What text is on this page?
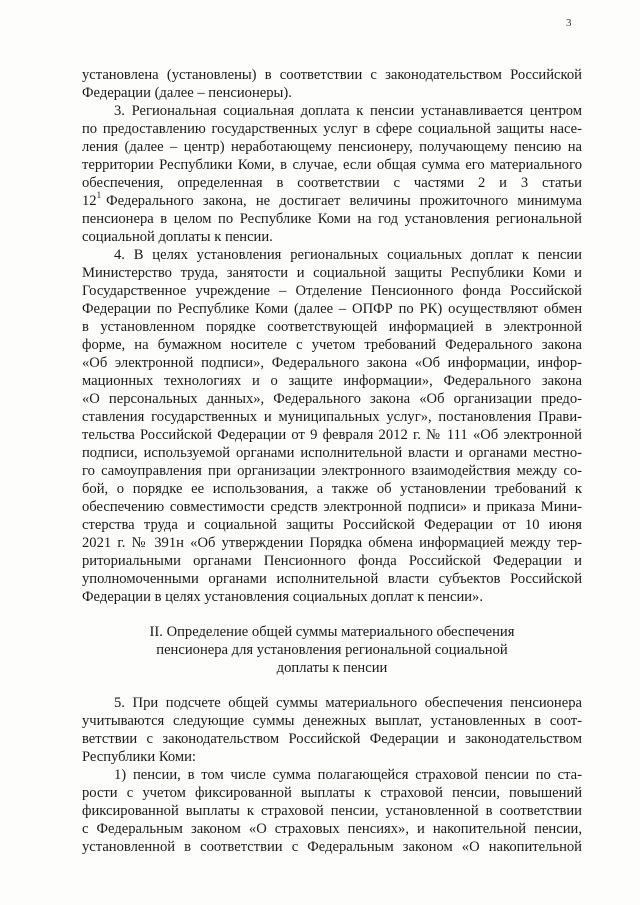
3
установлена (установлены) в соответствии с законодательством Российской
Федерации (далее – пенсионеры).
3. Региональная социальная доплата к пенсии устанавливается центром
по предоставлению государственных услуг в сфере социальной защиты насе-
ления (далее – центр) неработающему пенсионеру, получающему пенсию на
территории Республики Коми, в случае, если общая сумма его материального
обеспечения, определенная в соответствии с частями 2 и 3 статьи
$12^1$ Федерального закона, не достигает величины прожиточного минимума
пенсионера в целом по Республике Коми на год установления региональной
социальной доплаты к пенсии.
4. В целях установления региональных социальных доплат к пенсии
Министерство труда, занятости и социальной защиты Республики Коми и
Государственное учреждение – Отделение Пенсионного фонда Российской
Федерации по Республике Коми (далее – ОПФР по РК) осуществляют обмен
в установленном порядке соответствующей информацией в электронной
форме, на бумажном носителе с учетом требований Федерального закона
«Об электронной подписи», Федерального закона «Об информации, инфор-
мационных технологиях и о защите информации», Федерального закона
«О персональных данных», Федерального закона «Об организации предо-
ставления государственных и муниципальных услуг», постановления Прави-
тельства Российской Федерации от 9 февраля 2012 г. № 111 «Об электронной
подписи, используемой органами исполнительной власти и органами местно-
го самоуправления при организации электронного взаимодействия между со-
бой, о порядке ее использования, а также об установлении требований к
обеспечению совместимости средств электронной подписи» и приказа Мини-
стерства труда и социальной защиты Российской Федерации от 10 июня
2021 г. № 391н «Об утверждении Порядка обмена информацией между тер-
риториальными органами Пенсионного фонда Российской Федерации и
уполномоченными органами исполнительной власти субъектов Российской
Федерации в целях установления социальных доплат к пенсии».
II. Определение общей суммы материального обеспечения
пенсионера для установления региональной социальной
доплаты к пенсии
5. При подсчете общей суммы материального обеспечения пенсионера
учитываются следующие суммы денежных выплат, установленных в соот-
ветствии с законодательством Российской Федерации и законодательством
Республики Коми:
1) пенсии, в том числе сумма полагающейся страховой пенсии по ста-
рости с учетом фиксированной выплаты к страховой пенсии, повышений
фиксированной выплаты к страховой пенсии, установленной в соответствии
с Федеральным законом «О страховых пенсиях», и накопительной пенсии,
установленной в соответствии с Федеральным законом «О накопительной
